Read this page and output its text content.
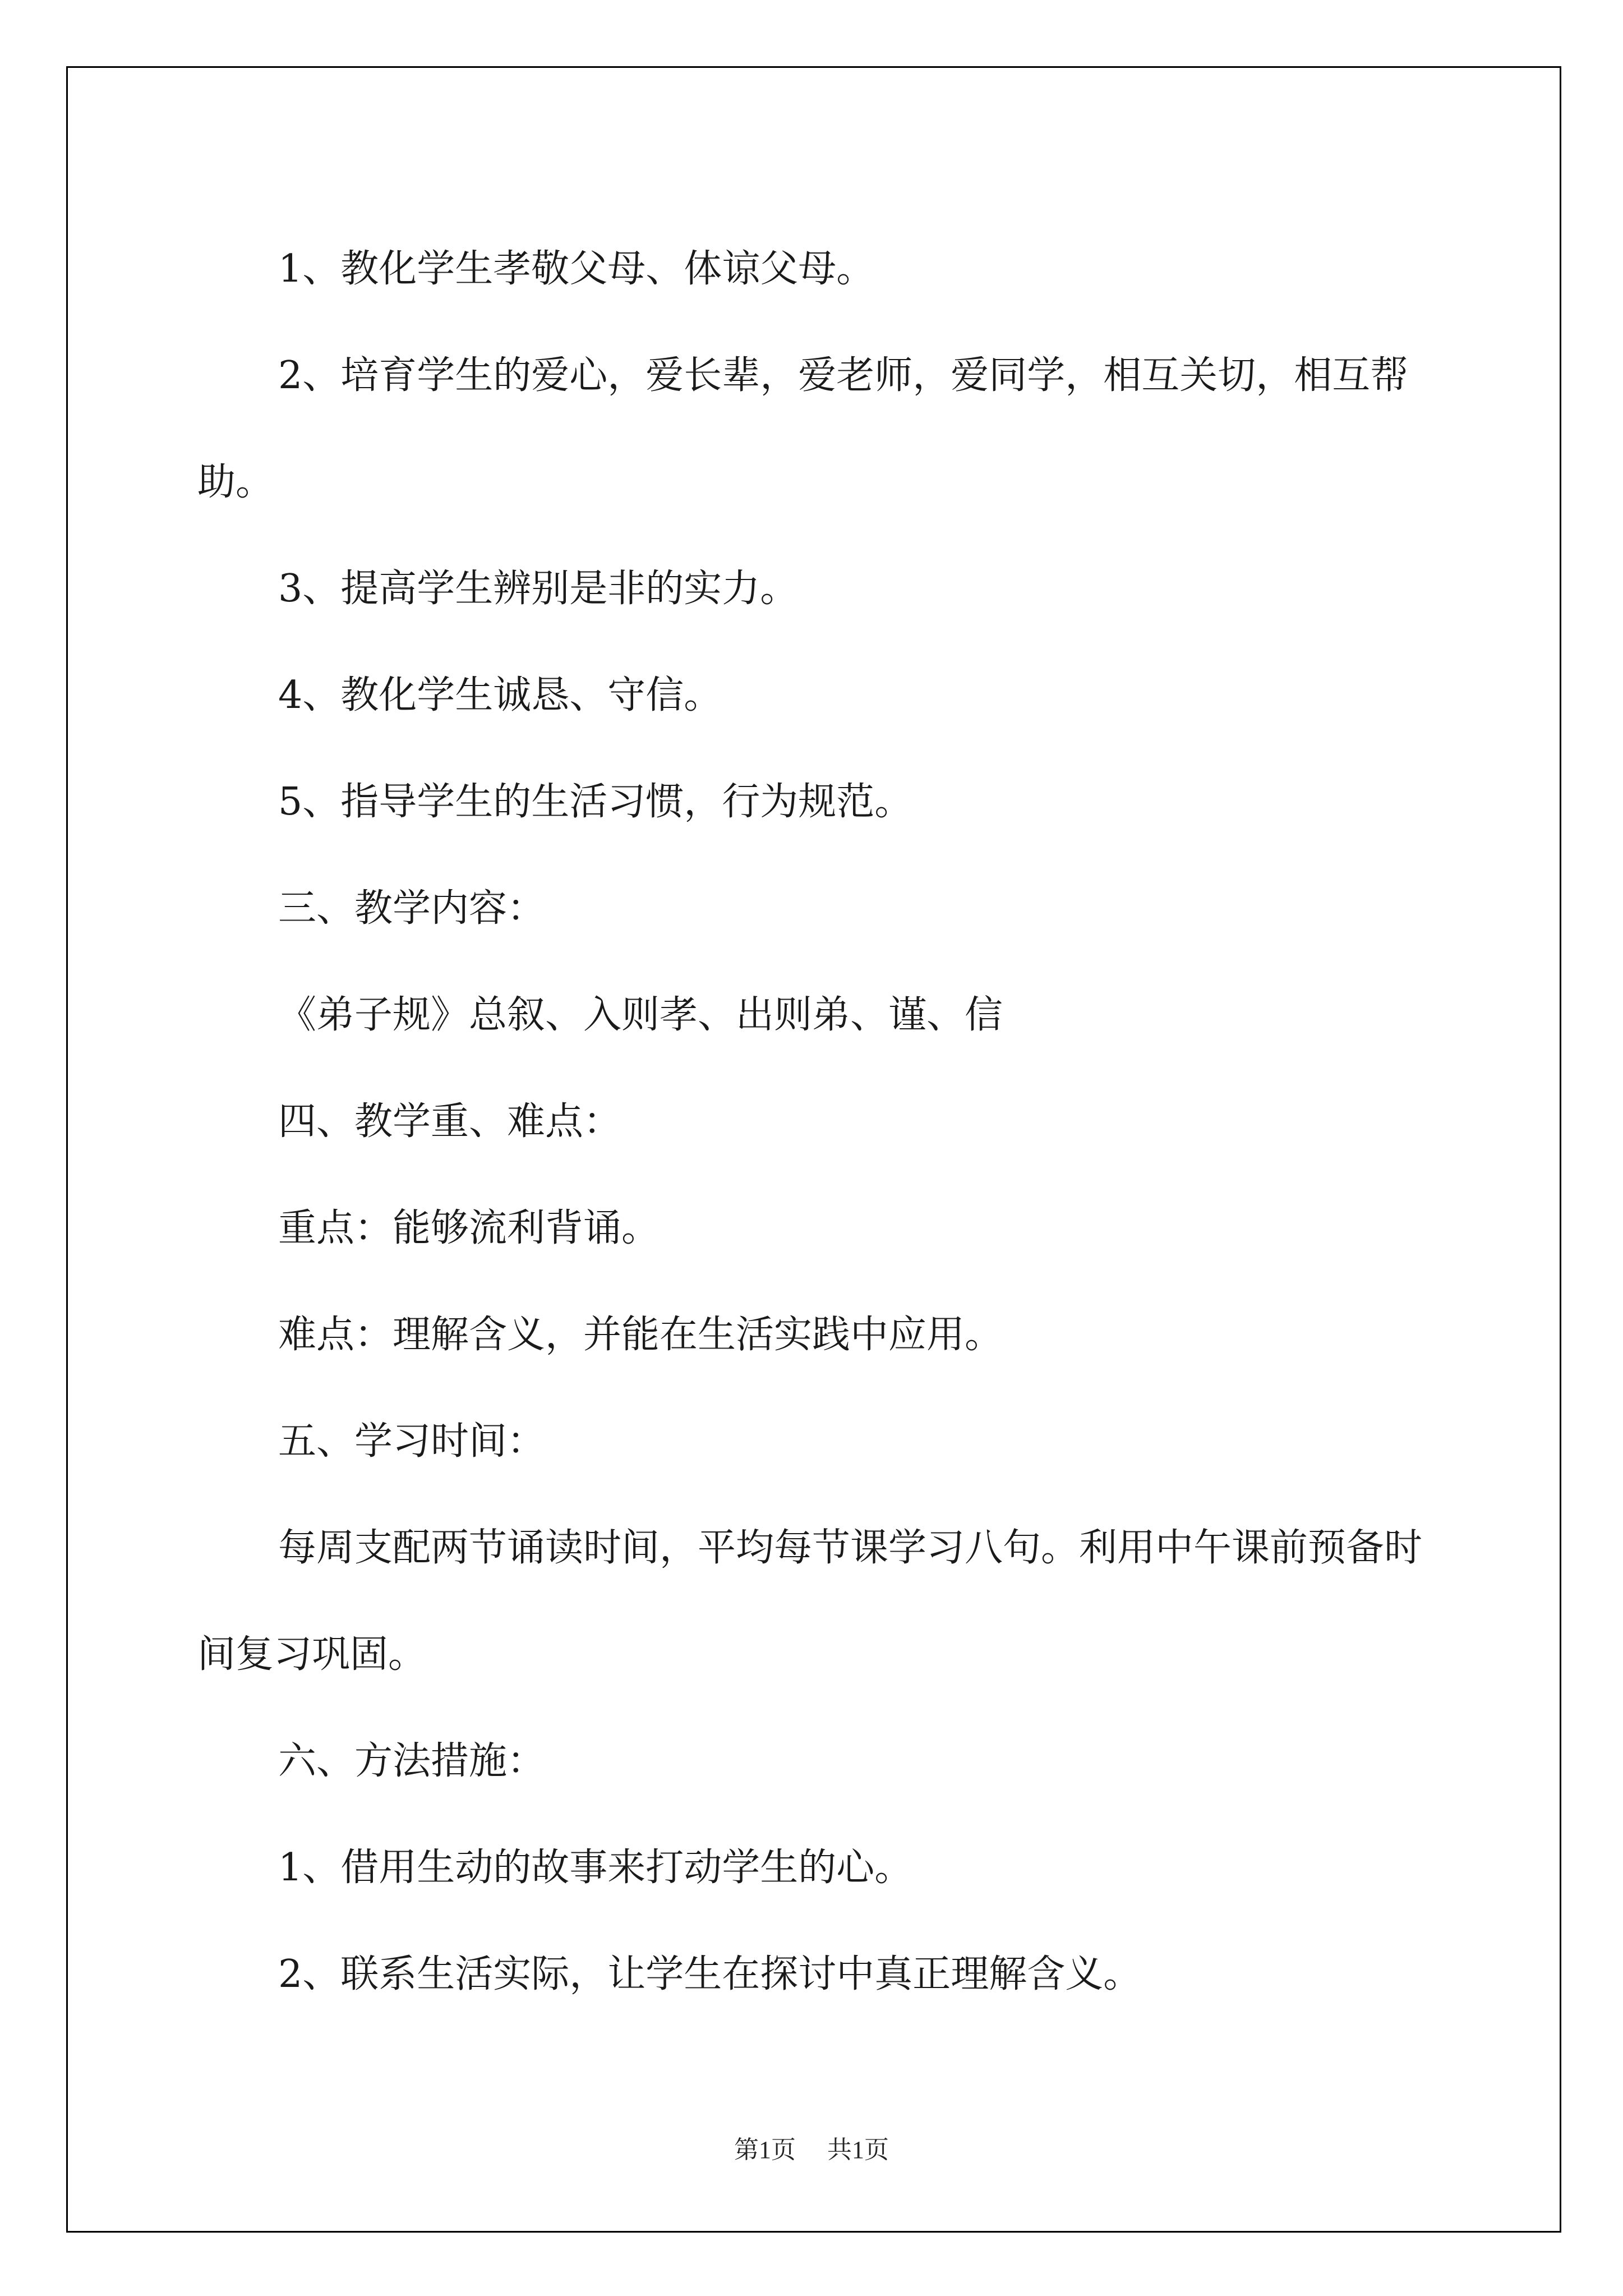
1、教化学生孝敬父母、体谅父母。

2、培育学生的爱心，爱长辈，爱老师，爱同学，相互关切，相互帮助。

3、提高学生辨别是非的实力。

4、教化学生诚恳、守信。

5、指导学生的生活习惯，行为规范。

三、教学内容：

《弟子规》总叙、入则孝、出则弟、谨、信

四、教学重、难点：

重点：能够流利背诵。

难点：理解含义，并能在生活实践中应用。

五、学习时间：

每周支配两节诵读时间，平均每节课学习八句。利用中午课前预备时间复习巩固。

六、方法措施：

1、借用生动的故事来打动学生的心。

2、联系生活实际，让学生在探讨中真正理解含义。

第1页 共1页
